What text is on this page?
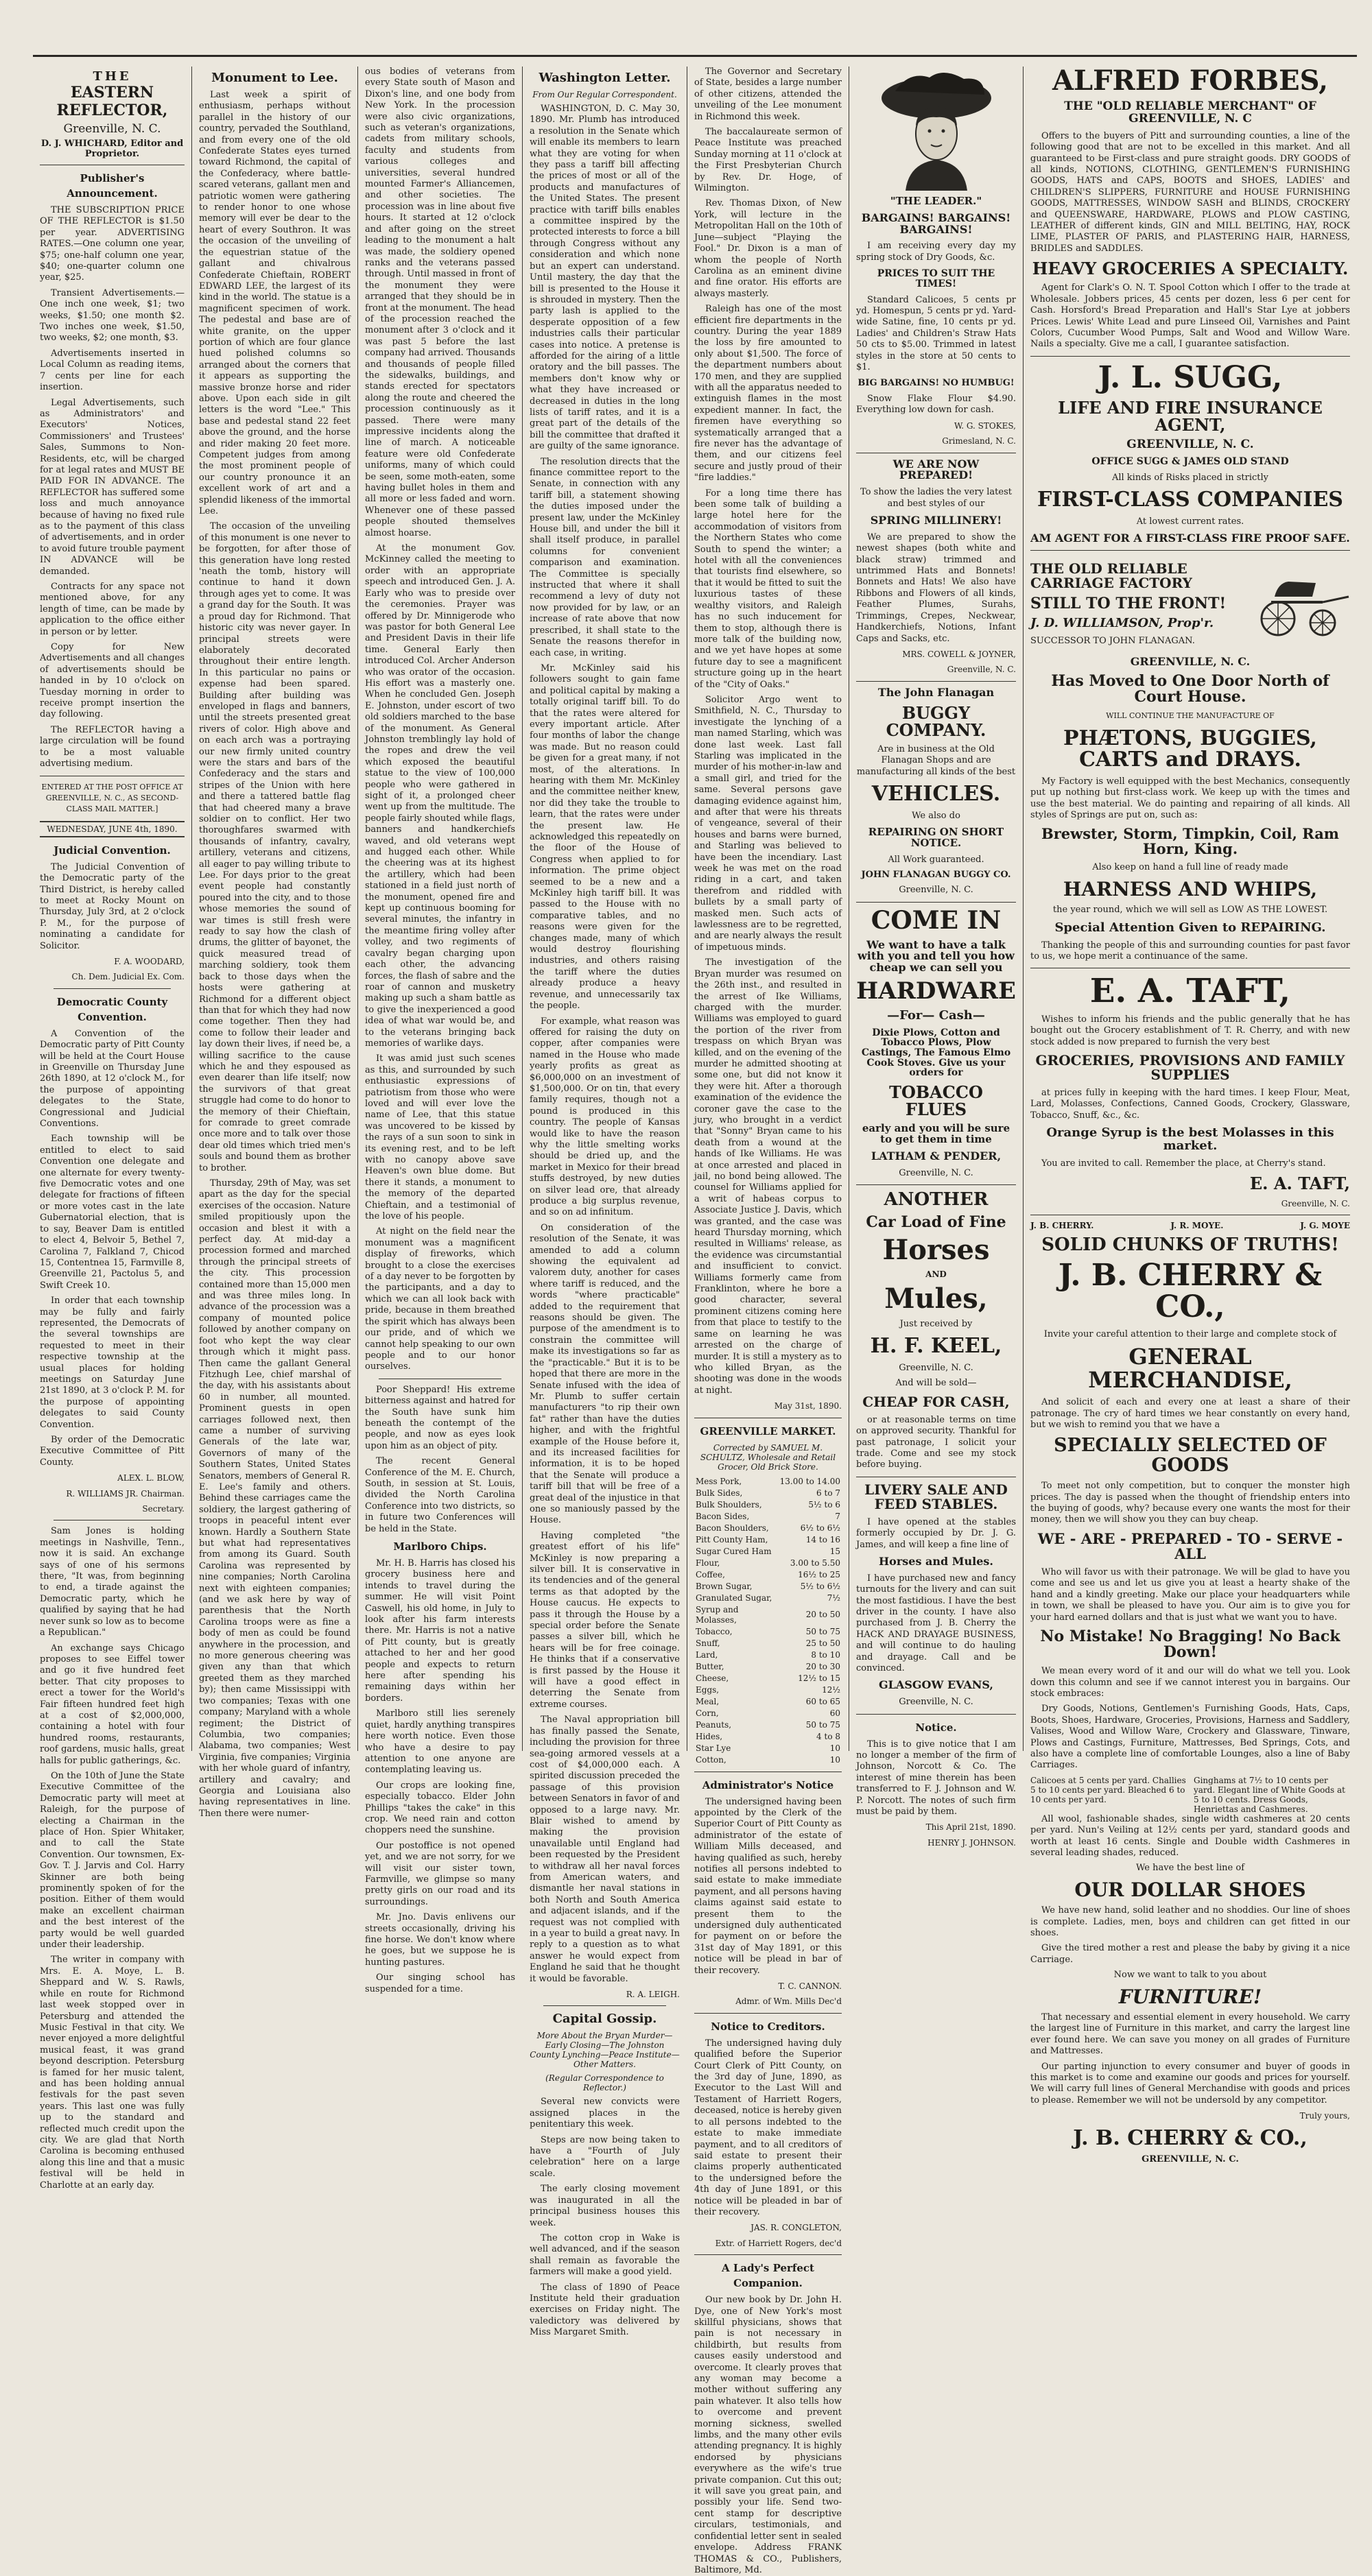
THE
EASTERN REFLECTOR,
Greenville, N. C.
D. J. WHICHARD, Editor and Proprietor.
Publisher's Announcement.

THE SUBSCRIPTION PRICE OF THE REFLECTOR is $1.50 per year. ADVERTISING RATES.—One column one year, $75; one-half column one year, $40; one-quarter column one year, $25.

Transient Advertisements.—One inch one week, $1; two weeks, $1.50; one month $2. Two inches one week, $1.50, two weeks, $2; one month, $3.

Advertisements inserted in Local Column as reading items, 7 cents per line for each insertion.

Legal Advertisements, such as Administrators' and Executors' Notices, Commissioners' and Trustees' Sales, Summons to Non-Residents, etc, will be charged for at legal rates and MUST BE PAID FOR IN ADVANCE. The REFLECTOR has suffered some loss and much annoyance because of having no fixed rule as to the payment of this class of advertisements, and in order to avoid future trouble payment IN ADVANCE will be demanded.

Contracts for any space not mentioned above, for any length of time, can be made by application to the office either in person or by letter.

Copy for New Advertisements and all changes of advertisements should be handed in by 10 o'clock on Tuesday morning in order to receive prompt insertion the day following.

The REFLECTOR having a large circulation will be found to be a most valuable advertising medium.

ENTERED AT THE POST OFFICE AT GREENVILLE, N. C., AS SECOND-CLASS MAIL MATTER.]

WEDNESDAY, JUNE 4th, 1890.
Judicial Convention.

The Judicial Convention of the Democratic party of the Third District, is hereby called to meet at Rocky Mount on Thursday, July 3rd, at 2 o'clock P. M., for the purpose of nominating a candidate for Solicitor.

F. A. WOODARD,

Ch. Dem. Judicial Ex. Com.

Democratic County Convention.

A Convention of the Democratic party of Pitt County will be held at the Court House in Greenville on Thursday June 26th 1890, at 12 o'clock M., for the purpose of appointing delegates to the State, Congressional and Judicial Conventions.

Each township will be entitled to elect to said Convention one delegate and one alternate for every twenty-five Democratic votes and one delegate for fractions of fifteen or more votes cast in the late Gubernatorial election, that is to say, Beaver Dam is entitled to elect 4, Belvoir 5, Bethel 7, Carolina 7, Falkland 7, Chicod 15, Contentnea 15, Farmville 8, Greenville 21, Pactolus 5, and Swift Creek 10.

In order that each township may be fully and fairly represented, the Democrats of the several townships are requested to meet in their respective township at the usual places for holding meetings on Saturday June 21st 1890, at 3 o'clock P. M. for the purpose of appointing delegates to said County Convention.

By order of the Democratic Executive Committee of Pitt County.

ALEX. L. BLOW,

R. WILLIAMS JR. Chairman.

Secretary.

Sam Jones is holding meetings in Nashville, Tenn., now it is said. An exchange says of one of his sermons there, "It was, from beginning to end, a tirade against the Democratic party, which he qualified by saying that he had never sunk so low as to become a Republican."

An exchange says Chicago proposes to see Eiffel tower and go it five hundred feet better. That city proposes to erect a tower for the World's Fair fifteen hundred feet high at a cost of $2,000,000, containing a hotel with four hundred rooms, restaurants, roof gardens, music halls, great halls for public gatherings, &c.

On the 10th of June the State Executive Committee of the Democratic party will meet at Raleigh, for the purpose of electing a Chairman in the place of Hon. Spier Whitaker, and to call the State Convention. Our townsmen, Ex-Gov. T. J. Jarvis and Col. Harry Skinner are both being prominently spoken of for the position. Either of them would make an excellent chairman and the best interest of the party would be well guarded under their leadership.

The writer in company with Mrs. E. A. Moye, L. B. Sheppard and W. S. Rawls, while en route for Richmond last week stopped over in Petersburg and attended the Music Festival in that city. We never enjoyed a more delightful musical feast, it was grand beyond description. Petersburg is famed for her music talent, and has been holding annual festivals for the past seven years. This last one was fully up to the standard and reflected much credit upon the city. We are glad that North Carolina is becoming enthused along this line and that a music festival will be held in Charlotte at an early day.

Monument to Lee.

Last week a spirit of enthusiasm, perhaps without parallel in the history of our country, pervaded the Southland, and from every one of the old Confederate States eyes turned toward Richmond, the capital of the Confederacy, where battle-scared veterans, gallant men and patriotic women were gathering to render honor to one whose memory will ever be dear to the heart of every Southron. It was the occasion of the unveiling of the equestrian statue of the gallant and chivalrous Confederate Chieftain, ROBERT EDWARD LEE, the largest of its kind in the world. The statue is a magnificent specimen of work. The pedestal and base are of white granite, on the upper portion of which are four glance hued polished columns so arranged about the corners that it appears as supporting the massive bronze horse and rider above. Upon each side in gilt letters is the word "Lee." This base and pedestal stand 22 feet above the ground, and the horse and rider making 20 feet more. Competent judges from among the most prominent people of our country pronounce it an excellent work of art and a splendid likeness of the immortal Lee.

The occasion of the unveiling of this monument is one never to be forgotten, for after those of this generation have long rested 'neath the tomb, history will continue to hand it down through ages yet to come. It was a grand day for the South. It was a proud day for Richmond. That historic city was never gayer. In principal streets were elaborately decorated throughout their entire length. In this particular no pains or expense had been spared. Building after building was enveloped in flags and banners, until the streets presented great rivers of color. High above and on each arch was a portraying our new firmly united country were the stars and bars of the Confederacy and the stars and stripes of the Union with here and there a tattered battle flag that had cheered many a brave soldier on to conflict. Her two thoroughfares swarmed with thousands of infantry, cavalry, artillery, veterans and citizens, all eager to pay willing tribute to Lee. For days prior to the great event people had constantly poured into the city, and to those whose memories the sound of war times is still fresh were ready to say how the clash of drums, the glitter of bayonet, the quick measured tread of marching soldiery, took them back to those days when the hosts were gathering at Richmond for a different object than that for which they had now come together. Then they had come to follow their leader and lay down their lives, if need be, a willing sacrifice to the cause which he and they espoused as even dearer than life itself; now the survivors of that great struggle had come to do honor to the memory of their Chieftain, for comrade to greet comrade once more and to talk over those dear old times which tried men's souls and bound them as brother to brother.

Thursday, 29th of May, was set apart as the day for the special exercises of the occasion. Nature smiled propitiously upon the occasion and blest it with a perfect day. At mid-day a procession formed and marched through the principal streets of the city. This procession contained more than 15,000 men and was three miles long. In advance of the procession was a company of mounted police followed by another company on foot who kept the way clear through which it might pass. Then came the gallant General Fitzhugh Lee, chief marshal of the day, with his assistants about 60 in number, all mounted. Prominent guests in open carriages followed next, then came a number of surviving Generals of the late war, Governors of many of the Southern States, United States Senators, members of General R. E. Lee's family and others. Behind these carriages came the soldiery, the largest gathering of troops in peaceful intent ever known. Hardly a Southern State but what had representatives from among its Guard. South Carolina was represented by nine companies; North Carolina next with eighteen companies; (and we ask here by way of parenthesis that the North Carolina troops were as fine a body of men as could be found anywhere in the procession, and no more generous cheering was given any than that which greeted them as they marched by); then came Mississippi with two companies; Texas with one company; Maryland with a whole regiment; the District of Columbia, two companies; Alabama, two companies; West Virginia, five companies; Virginia with her whole guard of infantry, artillery and cavalry; and Georgia and Louisiana also having representatives in line. Then there were numer-

ous bodies of veterans from every State south of Mason and Dixon's line, and one body from New York. In the procession were also civic organizations, such as veteran's organizations, cadets from military schools, faculty and students from various colleges and universities, several hundred mounted Farmer's Alliancemen, and other societies. The procession was in line about five hours. It started at 12 o'clock and after going on the street leading to the monument a halt was made, the soldiery opened ranks and the veterans passed through. Until massed in front of the monument they were arranged that they should be in front at the monument. The head of the procession reached the monument after 3 o'clock and it was past 5 before the last company had arrived. Thousands and thousands of people filled the sidewalks, buildings, and stands erected for spectators along the route and cheered the procession continuously as it passed. There were many impressive incidents along the line of march. A noticeable feature were old Confederate uniforms, many of which could be seen, some moth-eaten, some having bullet holes in them and all more or less faded and worn. Whenever one of these passed people shouted themselves almost hoarse.

At the monument Gov. McKinney called the meeting to order with an appropriate speech and introduced Gen. J. A. Early who was to preside over the ceremonies. Prayer was offered by Dr. Minnigerode who was pastor for both General Lee and President Davis in their life time. General Early then introduced Col. Archer Anderson who was orator of the occasion. His effort was a masterly one. When he concluded Gen. Joseph E. Johnston, under escort of two old soldiers marched to the base of the monument. As General Johnston tremblingly lay hold of the ropes and drew the veil which exposed the beautiful statue to the view of 100,000 people who were gathered in sight of it, a prolonged cheer went up from the multitude. The people fairly shouted while flags, banners and handkerchiefs waved, and old veterans wept and hugged each other. While the cheering was at its highest the artillery, which had been stationed in a field just north of the monument, opened fire and kept up continuous booming for several minutes, the infantry in the meantime firing volley after volley, and two regiments of cavalry began charging upon each other, the advancing forces, the flash of sabre and the roar of cannon and musketry making up such a sham battle as to give the inexperienced a good idea of what war would be, and to the veterans bringing back memories of warlike days.

It was amid just such scenes as this, and surrounded by such enthusiastic expressions of patriotism from those who were loved and will ever love the name of Lee, that this statue was uncovered to be kissed by the rays of a sun soon to sink in its evening rest, and to be left with no canopy above save Heaven's own blue dome. But there it stands, a monument to the memory of the departed Chieftain, and a testimonial of the love of his people.

At night on the field near the monument was a magnificent display of fireworks, which brought to a close the exercises of a day never to be forgotten by the participants, and a day to which we can all look back with pride, because in them breathed the spirit which has always been our pride, and of which we cannot help speaking to our own people and to our honor ourselves.

Poor Sheppard! His extreme bitterness against and hatred for the South have sunk him beneath the contempt of the people, and now as eyes look upon him as an object of pity.

The recent General Conference of the M. E. Church, South, in session at St. Louis, divided the North Carolina Conference into two districts, so in future two Conferences will be held in the State.

Marlboro Chips.

Mr. H. B. Harris has closed his grocery business here and intends to travel during the summer. He will visit Point Caswell, his old home, in July to look after his farm interests there. Mr. Harris is not a native of Pitt county, but is greatly attached to her and her good people and expects to return here after spending his remaining days within her borders.

Marlboro still lies serenely quiet, hardly anything transpires here worth notice. Even those who have a desire to pay attention to one anyone are contemplating leaving us.

Our crops are looking fine, especially tobacco. Elder John Phillips "takes the cake" in this crop. We need rain and cotton choppers need the sunshine.

Our postoffice is not opened yet, and we are not sorry, for we will visit our sister town, Farmville, we glimpse so many pretty girls on our road and its surroundings.

Mr. Jno. Davis enlivens our streets occasionally, driving his fine horse. We don't know where he goes, but we suppose he is hunting pastures.

Our singing school has suspended for a time.

Washington Letter.
From Our Regular Correspondent.

WASHINGTON, D. C. May 30, 1890. Mr. Plumb has introduced a resolution in the Senate which will enable its members to learn what they are voting for when they pass a tariff bill affecting the prices of most or all of the products and manufactures of the United States. The present practice with tariff bills enables a committee inspired by the protected interests to force a bill through Congress without any consideration and which none but an expert can understand. Until mastery, the day that the bill is presented to the House it is shrouded in mystery. Then the party lash is applied to the desperate opposition of a few industries calls their particular cases into notice. A pretense is afforded for the airing of a little oratory and the bill passes. The members don't know why or what they have increased or decreased in duties in the long lists of tariff rates, and it is a great part of the details of the bill the committee that drafted it are guilty of the same ignorance.

The resolution directs that the finance committee report to the Senate, in connection with any tariff bill, a statement showing the duties imposed under the present law, under the McKinley House bill, and under the bill it shall itself produce, in parallel columns for convenient comparison and examination. The Committee is specially instructed that where it shall recommend a levy of duty not now provided for by law, or an increase of rate above that now prescribed, it shall state to the Senate the reasons therefor in each case, in writing.

Mr. McKinley said his followers sought to gain fame and political capital by making a totally original tariff bill. To do that the rates were altered for every important article. After four months of labor the change was made. But no reason could be given for a great many, if not most, of the alterations. In hearing with them Mr. McKinley and the committee neither knew, nor did they take the trouble to learn, that the rates were under the present law. He acknowledged this repeatedly on the floor of the House of Congress when applied to for information. The prime object seemed to be a new and a McKinley high tariff bill. It was passed to the House with no comparative tables, and no reasons were given for the changes made, many of which would destroy flourishing industries, and others raising the tariff where the duties already produce a heavy revenue, and unnecessarily tax the people.

For example, what reason was offered for raising the duty on copper, after companies were named in the House who made yearly profits as great as $6,000,000 on an investment of $1,500,000. Or on tin, that every family requires, though not a pound is produced in this country. The people of Kansas would like to have the reason why the little smelting works should be dried up, and the market in Mexico for their bread stuffs destroyed, by new duties on silver lead ore, that already produce a big surplus revenue, and so on ad infinitum.

On consideration of the resolution of the Senate, it was amended to add a column showing the equivalent ad valorem duty, another for cases where tariff is reduced, and the words "where practicable" added to the requirement that reasons should be given. The purpose of the amendment is to constrain the committee will make its investigations so far as the "practicable." But it is to be hoped that there are more in the Senate infused with the idea of Mr. Plumb to suffer certain manufacturers "to rip their own fat" rather than have the duties higher, and with the frightful example of the House before it, and its increased facilities for information, it is to be hoped that the Senate will produce a tariff bill that will be free of a great deal of the injustice in that one so maniously passed by the House.

Having completed "the greatest effort of his life" McKinley is now preparing a silver bill. It is conservative in its tendencies and of the general terms as that adopted by the House caucus. He expects to pass it through the House by a special order before the Senate passes a silver bill, which he hears will be for free coinage. He thinks that if a conservative is first passed by the House it will have a good effect in deterring the Senate from extreme courses.

The Naval appropriation bill has finally passed the Senate, including the provision for three sea-going armored vessels at a cost of $4,000,000 each. A spirited discussion preceded the passage of this provision between Senators in favor of and opposed to a large navy. Mr. Blair wished to amend by making the provision unavailable until England had been requested by the President to withdraw all her naval forces from American waters, and dismantle her naval stations in both North and South America and adjacent islands, and if the request was not complied with in a year to build a great navy. In reply to a question as to what answer he would expect from England he said that he thought it would be favorable.

R. A. LEIGH.

Capital Gossip.
More About the Bryan Murder—Early Closing—The Johnston County Lynching—Peace Institute—Other Matters.
(Regular Correspondence to Reflector.)

Several new convicts were assigned places in the penitentiary this week.

Steps are now being taken to have a "Fourth of July celebration" here on a large scale.

The early closing movement was inaugurated in all the principal business houses this week.

The cotton crop in Wake is well advanced, and if the season shall remain as favorable the farmers will make a good yield.

The class of 1890 of Peace Institute held their graduation exercises on Friday night. The valedictory was delivered by Miss Margaret Smith.

The Governor and Secretary of State, besides a large number of other citizens, attended the unveiling of the Lee monument in Richmond this week.

The baccalaureate sermon of Peace Institute was preached Sunday morning at 11 o'clock at the First Presbyterian Church by Rev. Dr. Hoge, of Wilmington.

Rev. Thomas Dixon, of New York, will lecture in the Metropolitan Hall on the 10th of June—subject "Playing the Fool." Dr. Dixon is a man of whom the people of North Carolina as an eminent divine and fine orator. His efforts are always masterly.

Raleigh has one of the most efficient fire departments in the country. During the year 1889 the loss by fire amounted to only about $1,500. The force of the department numbers about 170 men, and they are supplied with all the apparatus needed to extinguish flames in the most expedient manner. In fact, the firemen have everything so systematically arranged that a fire never has the advantage of them, and our citizens feel secure and justly proud of their "fire laddies."

For a long time there has been some talk of building a large hotel here for the accommodation of visitors from the Northern States who come South to spend the winter; a hotel with all the conveniences that tourists find elsewhere, so that it would be fitted to suit the luxurious tastes of these wealthy visitors, and Raleigh has no such inducement for them to stop, although there is more talk of the building now, and we yet have hopes at some future day to see a magnificent structure going up in the heart of the "City of Oaks."

Solicitor Argo went to Smithfield, N. C., Thursday to investigate the lynching of a man named Starling, which was done last week. Last fall Starling was implicated in the murder of his mother-in-law and a small girl, and tried for the same. Several persons gave damaging evidence against him, and after that were his threats of vengeance, several of their houses and barns were burned, and Starling was believed to have been the incendiary. Last week he was met on the road riding in a cart, and taken therefrom and riddled with bullets by a small party of masked men. Such acts of lawlessness are to be regretted, and are nearly always the result of impetuous minds.

The investigation of the Bryan murder was resumed on the 26th inst., and resulted in the arrest of Ike Williams, charged with the murder. Williams was employed to guard the portion of the river from trespass on which Bryan was killed, and on the evening of the murder he admitted shooting at some one, but did not know it they were hit. After a thorough examination of the evidence the coroner gave the case to the jury, who brought in a verdict that "Sonny" Bryan came to his death from a wound at the hands of Ike Williams. He was at once arrested and placed in jail, no bond being allowed. The counsel for Williams applied for a writ of habeas corpus to Associate Justice J. Davis, which was granted, and the case was heard Thursday morning, which resulted in Williams' release, as the evidence was circumstantial and insufficient to convict. Williams formerly came from Franklinton, where he bore a good character, several prominent citizens coming here from that place to testify to the same on learning he was arrested on the charge of murder. It is still a mystery as to who killed Bryan, as the shooting was done in the woods at night.

May 31st, 1890.

GREENVILLE MARKET.
Corrected by SAMUEL M. SCHULTZ, Wholesale and Retail Grocer, Old Brick Store.
Mess Pork,	13.00 to 14.00
Bulk Sides,	6 to 7
Bulk Shoulders,	5½ to 6
Bacon Sides,	7
Bacon Shoulders,	6½ to 6½
Pitt County Ham,	14 to 16
Sugar Cured Ham	15
Flour,	3.00 to 5.50
Coffee,	16½ to 25
Brown Sugar,	5½ to 6½
Granulated Sugar,	7½
Syrup and Molasses,	20 to 50
Tobacco,	50 to 75
Snuff,	25 to 50
Lard,	8 to 10
Butter,	20 to 30
Cheese,	12½ to 15
Eggs,	12½
Meal,	60 to 65
Corn,	60
Peanuts,	50 to 75
Hides,	4 to 8
Star Lye	10
Cotton,	10
Administrator's Notice

The undersigned having been appointed by the Clerk of the Superior Court of Pitt County as administrator of the estate of William Mills deceased, and having qualified as such, hereby notifies all persons indebted to said estate to make immediate payment, and all persons having claims against said estate to present them to the undersigned duly authenticated for payment on or before the 31st day of May 1891, or this notice will be plead in bar of their recovery.

T. C. CANNON.

Admr. of Wm. Mills Dec'd

Notice to Creditors.

The undersigned having duly qualified before the Superior Court Clerk of Pitt County, on the 3rd day of June, 1890, as Executor to the Last Will and Testament of Harriett Rogers, deceased, notice is hereby given to all persons indebted to the estate to make immediate payment, and to all creditors of said estate to present their claims properly authenticated to the undersigned before the 4th day of June 1891, or this notice will be pleaded in bar of their recovery.

JAS. R. CONGLETON,

Extr. of Harriett Rogers, dec'd

A Lady's Perfect Companion.

Our new book by Dr. John H. Dye, one of New York's most skillful physicians, shows that pain is not necessary in childbirth, but results from causes easily understood and overcome. It clearly proves that any woman may become a mother without suffering any pain whatever. It also tells how to overcome and prevent morning sickness, swelled limbs, and the many other evils attending pregnancy. It is highly endorsed by physicians everywhere as the wife's true private companion. Cut this out; it will save you great pain, and possibly your life. Send two-cent stamp for descriptive circulars, testimonials, and confidential letter sent in sealed envelope. Address FRANK THOMAS & CO., Publishers, Baltimore, Md.

"THE LEADER."
BARGAINS! BARGAINS! BARGAINS!

I am receiving every day my spring stock of Dry Goods, &c.

PRICES TO SUIT THE TIMES!

Standard Calicoes, 5 cents pr yd. Homespun, 5 cents pr yd. Yard-wide Satine, fine, 10 cents pr yd. Ladies' and Children's Straw Hats 50 cts to $5.00. Trimmed in latest styles in the store at 50 cents to $1.

BIG BARGAINS! NO HUMBUG!

Snow Flake Flour $4.90. Everything low down for cash.

W. G. STOKES,

Grimesland, N. C.

WE ARE NOW PREPARED!

To show the ladies the very latest and best styles of our

SPRING MILLINERY!

We are prepared to show the newest shapes (both white and black straw) trimmed and untrimmed Hats and Bonnets! Bonnets and Hats! We also have Ribbons and Flowers of all kinds, Feather Plumes, Surahs, Trimmings, Crepes, Neckwear, Handkerchiefs, Notions, Infant Caps and Sacks, etc.

MRS. COWELL & JOYNER,

Greenville, N. C.

The John Flanagan
BUGGY COMPANY.

Are in business at the Old Flanagan Shops and are manufacturing all kinds of the best

VEHICLES.

We also do

REPAIRING ON SHORT NOTICE.

All Work guaranteed.

JOHN FLANAGAN BUGGY CO.

Greenville, N. C.

COME IN
We want to have a talk with you and tell you how cheap we can sell you
HARDWARE
—For— Cash—
Dixie Plows, Cotton and Tobacco Plows, Plow Castings, The Famous Elmo Cook Stoves. Give us your orders for
TOBACCO FLUES
early and you will be sure to get them in time
LATHAM & PENDER,

Greenville, N. C.

ANOTHER
Car Load of Fine
Horses
AND
Mules,

Just received by

H. F. KEEL,

Greenville, N. C.

And will be sold—

CHEAP FOR CASH,

or at reasonable terms on time on approved security. Thankful for past patronage, I solicit your trade. Come and see my stock before buying.

LIVERY SALE AND FEED STABLES.

I have opened at the stables formerly occupied by Dr. J. G. James, and will keep a fine line of

Horses and Mules.

I have purchased new and fancy turnouts for the livery and can suit the most fastidious. I have the best driver in the county. I have also purchased from J. B. Cherry the HACK AND DRAYAGE BUSINESS, and will continue to do hauling and drayage. Call and be convinced.

GLASGOW EVANS,

Greenville, N. C.

Notice.

This is to give notice that I am no longer a member of the firm of Johnson, Norcott & Co. The interest of mine therein has been transferred to F. J. Johnson and W. P. Norcott. The notes of such firm must be paid by them.

This April 21st, 1890.

HENRY J. JOHNSON.

ALFRED FORBES,
THE "OLD RELIABLE MERCHANT" OF GREENVILLE, N. C

Offers to the buyers of Pitt and surrounding counties, a line of the following good that are not to be excelled in this market. And all guaranteed to be First-class and pure straight goods. DRY GOODS of all kinds, NOTIONS, CLOTHING, GENTLEMEN'S FURNISHING GOODS, HATS and CAPS, BOOTS and SHOES, LADIES' and CHILDREN'S SLIPPERS, FURNITURE and HOUSE FURNISHING GOODS, MATTRESSES, WINDOW SASH and BLINDS, CROCKERY and QUEENSWARE, HARDWARE, PLOWS and PLOW CASTING, LEATHER of different kinds, GIN and MILL BELTING, HAY, ROCK LIME, PLASTER OF PARIS, and PLASTERING HAIR, HARNESS, BRIDLES and SADDLES.

HEAVY GROCERIES A SPECIALTY.

Agent for Clark's O. N. T. Spool Cotton which I offer to the trade at Wholesale. Jobbers prices, 45 cents per dozen, less 6 per cent for Cash. Horsford's Bread Preparation and Hall's Star Lye at jobbers Prices. Lewis' White Lead and pure Linseed Oil, Varnishes and Paint Colors, Cucumber Wood Pumps, Salt and Wood and Willow Ware. Nails a specialty. Give me a call, I guarantee satisfaction.

J. L. SUGG,
LIFE AND FIRE INSURANCE AGENT,
GREENVILLE, N. C.
OFFICE SUGG & JAMES OLD STAND

All kinds of Risks placed in strictly

FIRST-CLASS COMPANIES

At lowest current rates.

AM AGENT FOR A FIRST-CLASS FIRE PROOF SAFE.
THE OLD RELIABLE CARRIAGE FACTORY
STILL TO THE FRONT!
J. D. WILLIAMSON, Prop'r.

SUCCESSOR TO JOHN FLANAGAN.

GREENVILLE, N. C.
Has Moved to One Door North of Court House.

WILL CONTINUE THE MANUFACTURE OF

PHÆTONS, BUGGIES, CARTS and DRAYS.

My Factory is well equipped with the best Mechanics, consequently put up nothing but first-class work. We keep up with the times and use the best material. We do painting and repairing of all kinds. All styles of Springs are put on, such as:

Brewster, Storm, Timpkin, Coil, Ram Horn, King.

Also keep on hand a full line of ready made

HARNESS AND WHIPS,

the year round, which we will sell as LOW AS THE LOWEST.

Special Attention Given to REPAIRING.

Thanking the people of this and surrounding counties for past favor to us, we hope merit a continuance of the same.

E. A. TAFT,

Wishes to inform his friends and the public generally that he has bought out the Grocery establishment of T. R. Cherry, and with new stock added is now prepared to furnish the very best

GROCERIES, PROVISIONS AND FAMILY SUPPLIES

at prices fully in keeping with the hard times. I keep Flour, Meat, Lard, Molasses, Confections, Canned Goods, Crockery, Glassware, Tobacco, Snuff, &c., &c.

Orange Syrup is the best Molasses in this market.

You are invited to call. Remember the place, at Cherry's stand.

E. A. TAFT,

Greenville, N. C.

J. B. CHERRY.	J. R. MOYE.	J. G. MOYE
SOLID CHUNKS OF TRUTHS!
J. B. CHERRY & CO.,

Invite your careful attention to their large and complete stock of

GENERAL MERCHANDISE,

And solicit of each and every one at least a share of their patronage. The cry of hard times we hear constantly on every hand, but we wish to remind you that we have a

SPECIALLY SELECTED OF GOODS

To meet not only competition, but to conquer the monster high prices. The day is passed when the thought of friendship enters into the buying of goods, why? because every one wants the most for their money, then we will show you they can buy cheap.

WE - ARE - PREPARED - TO - SERVE - ALL

Who will favor us with their patronage. We will be glad to have you come and see us and let us give you at least a hearty shake of the hand and a kindly greeting. Make our place your headquarters while in town, we shall be pleased to have you. Our aim is to give you for your hard earned dollars and that is just what we want you to have.

No Mistake! No Bragging! No Back Down!

We mean every word of it and our will do what we tell you. Look down this column and see if we cannot interest you in bargains. Our stock embraces:

Dry Goods, Notions, Gentlemen's Furnishing Goods, Hats, Caps, Boots, Shoes, Hardware, Groceries, Provisions, Harness and Saddlery, Valises, Wood and Willow Ware, Crockery and Glassware, Tinware, Plows and Castings, Furniture, Mattresses, Bed Springs, Cots, and also have a complete line of comfortable Lounges, also a line of Baby Carriages.

Calicoes at 5 cents per yard. Challies 5 to 10 cents per yard. Bleached 6 to 10 cents per yard.
Ginghams at 7½ to 10 cents per yard. Elegant line of White Goods at 5 to 10 cents. Dress Goods, Henriettas and Cashmeres.

All wool, fashionable shades, single width cashmeres at 20 cents per yard. Nun's Veiling at 12½ cents per yard, standard goods and worth at least 16 cents. Single and Double width Cashmeres in several leading shades, reduced.

We have the best line of

OUR DOLLAR SHOES

We have new hand, solid leather and no shoddies. Our line of shoes is complete. Ladies, men, boys and children can get fitted in our shoes.

Give the tired mother a rest and please the baby by giving it a nice Carriage.

Now we want to talk to you about

FURNITURE!

That necessary and essential element in every household. We carry the largest line of Furniture in this market, and carry the largest line ever found here. We can save you money on all grades of Furniture and Mattresses.

Our parting injunction to every consumer and buyer of goods in this market is to come and examine our goods and prices for yourself. We will carry full lines of General Merchandise with goods and prices to please. Remember we will not be undersold by any competitor.

Truly yours,

J. B. CHERRY & CO.,

GREENVILLE, N. C.
